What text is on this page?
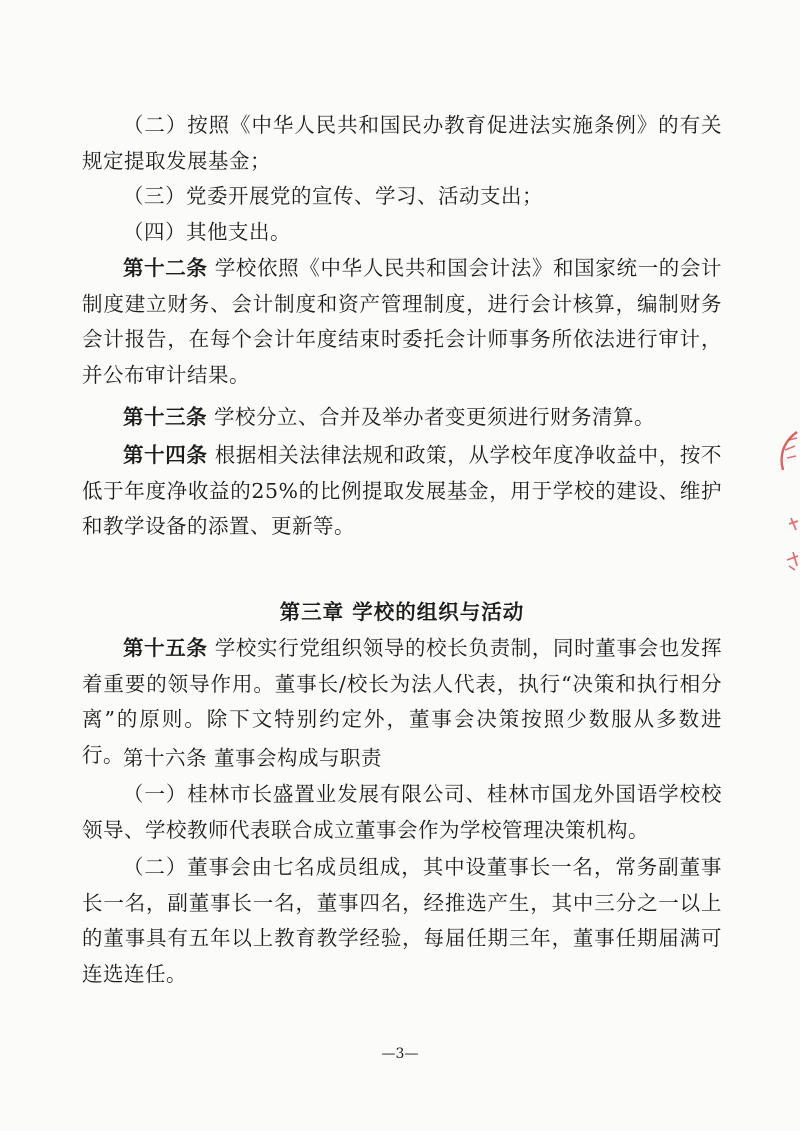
（二）按照《中华人民共和国民办教育促进法实施条例》的有关规定提取发展基金；
（三）党委开展党的宣传、学习、活动支出；
（四）其他支出。
第十二条 学校依照《中华人民共和国会计法》和国家统一的会计制度建立财务、会计制度和资产管理制度，进行会计核算，编制财务会计报告，在每个会计年度结束时委托会计师事务所依法进行审计，并公布审计结果。
第十三条 学校分立、合并及举办者变更须进行财务清算。
第十四条 根据相关法律法规和政策，从学校年度净收益中，按不低于年度净收益的25%的比例提取发展基金，用于学校的建设、维护和教学设备的添置、更新等。
第三章 学校的组织与活动
第十五条 学校实行党组织领导的校长负责制，同时董事会也发挥着重要的领导作用。董事长/校长为法人代表，执行“决策和执行相分离”的原则。除下文特别约定外，董事会决策按照少数服从多数进行。 第十六条 董事会构成与职责
（一）桂林市长盛置业发展有限公司、桂林市国龙外国语学校校领导、学校教师代表联合成立董事会作为学校管理决策机构。
（二）董事会由七名成员组成，其中设董事长一名，常务副董事长一名，副董事长一名，董事四名，经推选产生，其中三分之一以上的董事具有五年以上教育教学经验，每届任期三年，董事任期届满可连选连任。
—3—
